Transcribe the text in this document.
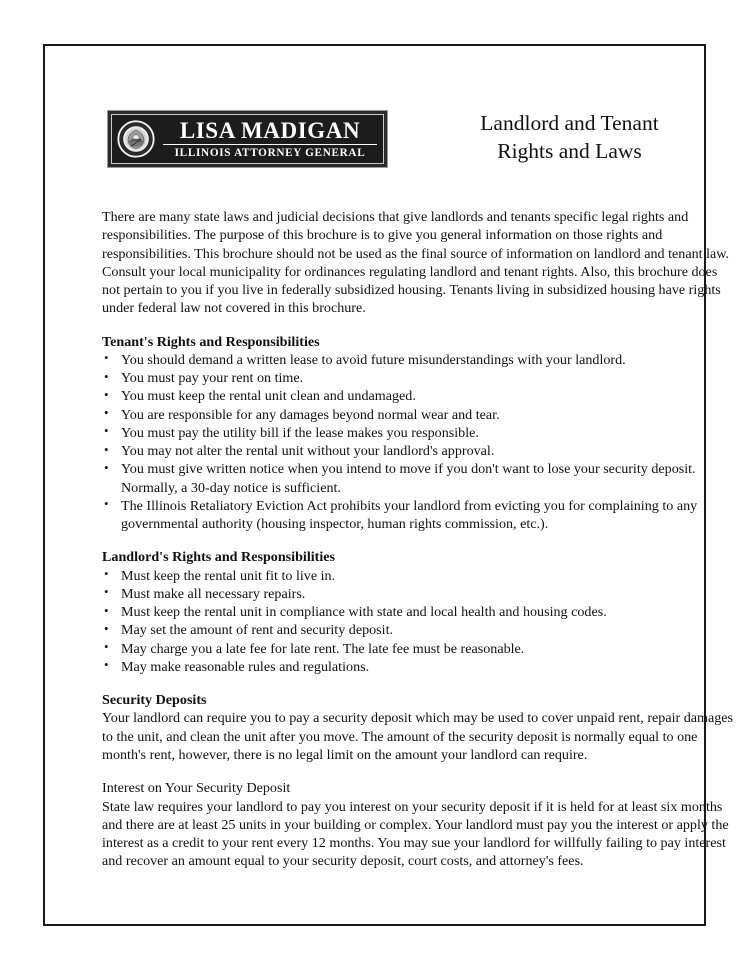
LISA MADIGAN
ILLINOIS ATTORNEY GENERAL
Landlord and Tenant
Rights and Laws

There are many state laws and judicial decisions that give landlords and tenants specific legal rights and responsibilities. The purpose of this brochure is to give you general information on those rights and responsibilities. This brochure should not be used as the final source of information on landlord and tenant law. Consult your local municipality for ordinances regulating landlord and tenant rights. Also, this brochure does not pertain to you if you live in federally subsidized housing. Tenants living in subsidized housing have rights under federal law not covered in this brochure.

Tenant's Rights and Responsibilities

• You should demand a written lease to avoid future misunderstandings with your landlord.
• You must pay your rent on time.
• You must keep the rental unit clean and undamaged.
• You are responsible for any damages beyond normal wear and tear.
• You must pay the utility bill if the lease makes you responsible.
• You may not alter the rental unit without your landlord's approval.
• You must give written notice when you intend to move if you don't want to lose your security deposit. Normally, a 30-day notice is sufficient.
• The Illinois Retaliatory Eviction Act prohibits your landlord from evicting you for complaining to any governmental authority (housing inspector, human rights commission, etc.).

Landlord's Rights and Responsibilities

• Must keep the rental unit fit to live in.
• Must make all necessary repairs.
• Must keep the rental unit in compliance with state and local health and housing codes.
• May set the amount of rent and security deposit.
• May charge you a late fee for late rent. The late fee must be reasonable.
• May make reasonable rules and regulations.

Security Deposits

Your landlord can require you to pay a security deposit which may be used to cover unpaid rent, repair damages to the unit, and clean the unit after you move. The amount of the security deposit is normally equal to one month's rent, however, there is no legal limit on the amount your landlord can require.

Interest on Your Security Deposit

State law requires your landlord to pay you interest on your security deposit if it is held for at least six months and there are at least 25 units in your building or complex. Your landlord must pay you the interest or apply the interest as a credit to your rent every 12 months. You may sue your landlord for willfully failing to pay interest and recover an amount equal to your security deposit, court costs, and attorney's fees.
